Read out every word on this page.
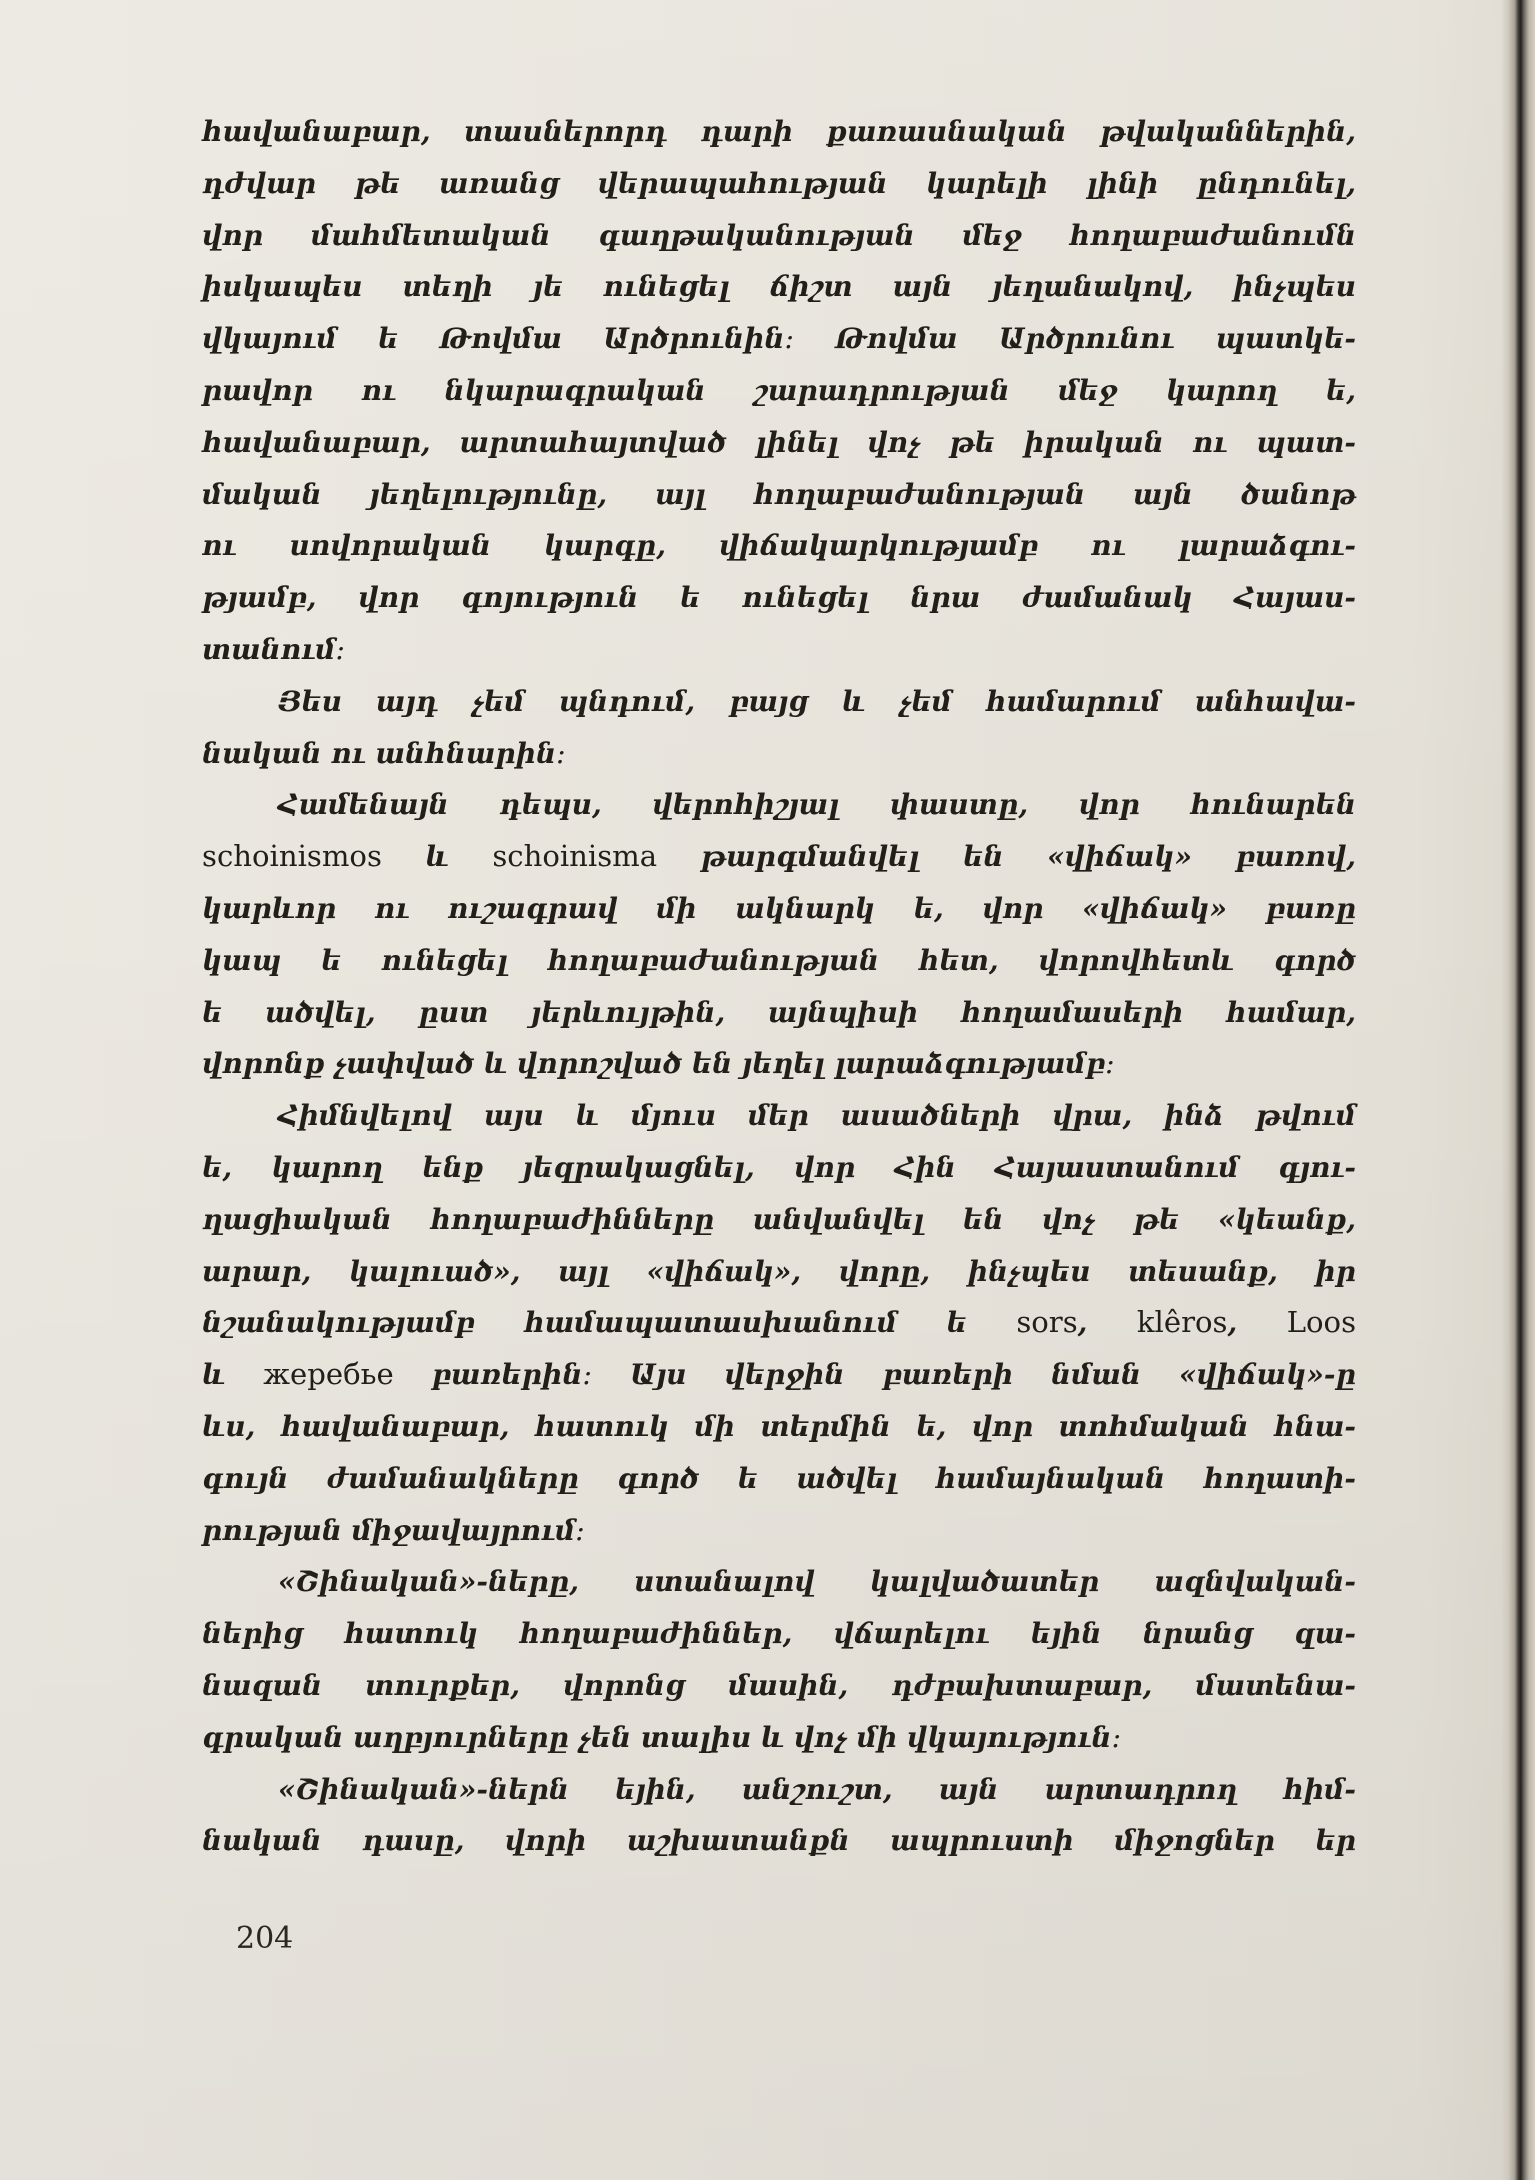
հավանաբար, տասներորդ դարի քառասնական թվականներին,
դժվար թե առանց վերապահության կարելի լինի ընդունել,
վոր մահմետական գաղթականության մեջ հողաբաժանումն
իսկապես տեղի յե ունեցել ճիշտ այն յեղանակով, ինչպես
վկայում ե Թովմա Արծրունին։ Թովմա Արծրունու պատկե-
րավոր ու նկարագրական շարադրության մեջ կարող ե,
հավանաբար, արտահայտված լինել վոչ թե իրական ու պատ-
մական յեղելությունը, այլ հողաբաժանության այն ծանոթ
ու սովորական կարգը, վիճակարկությամբ ու լարաձգու-
թյամբ, վոր գոյություն ե ունեցել նրա ժամանակ Հայաս-
տանում։
Յես այդ չեմ պնդում, բայց և չեմ համարում անհավա-
նական ու անհնարին։
Համենայն դեպս, վերոհիշյալ փաստը, վոր հունարեն
schoinismos և schoinisma թարգմանվել են «վիճակ» բառով,
կարևոր ու ուշագրավ մի ակնարկ ե, վոր «վիճակ» բառը
կապ ե ունեցել հողաբաժանության հետ, վորովհետև գործ
ե ածվել, ըստ յերևույթին, այնպիսի հողամասերի համար,
վորոնք չափված և վորոշված են յեղել լարաձգությամբ։
Հիմնվելով այս և մյուս մեր ասածների վրա, ինձ թվում
ե, կարող ենք յեզրակացնել, վոր Հին Հայաստանում գյու-
ղացիական հողաբաժինները անվանվել են վոչ թե «կեանք,
արար, կալուած», այլ «վիճակ», վորը, ինչպես տեսանք, իր
նշանակությամբ համապատասխանում ե sors, klêros, Loos
և жеребье բառերին։ Այս վերջին բառերի նման «վիճակ»-ը
ևս, հավանաբար, հատուկ մի տերմին ե, վոր տոհմական հնա-
գույն ժամանակները գործ ե ածվել համայնական հողատի-
րության միջավայրում։
«Շինական»-ները, ստանալով կալվածատեր ազնվական-
ներից հատուկ հողաբաժիններ, վճարելու եյին նրանց զա-
նազան տուրքեր, վորոնց մասին, դժբախտաբար, մատենա-
գրական աղբյուրները չեն տալիս և վոչ մի վկայություն։
«Շինական»-ներն եյին, անշուշտ, այն արտադրող հիմ-
նական դասը, վորի աշխատանքն ապրուստի միջոցներ եր
204
